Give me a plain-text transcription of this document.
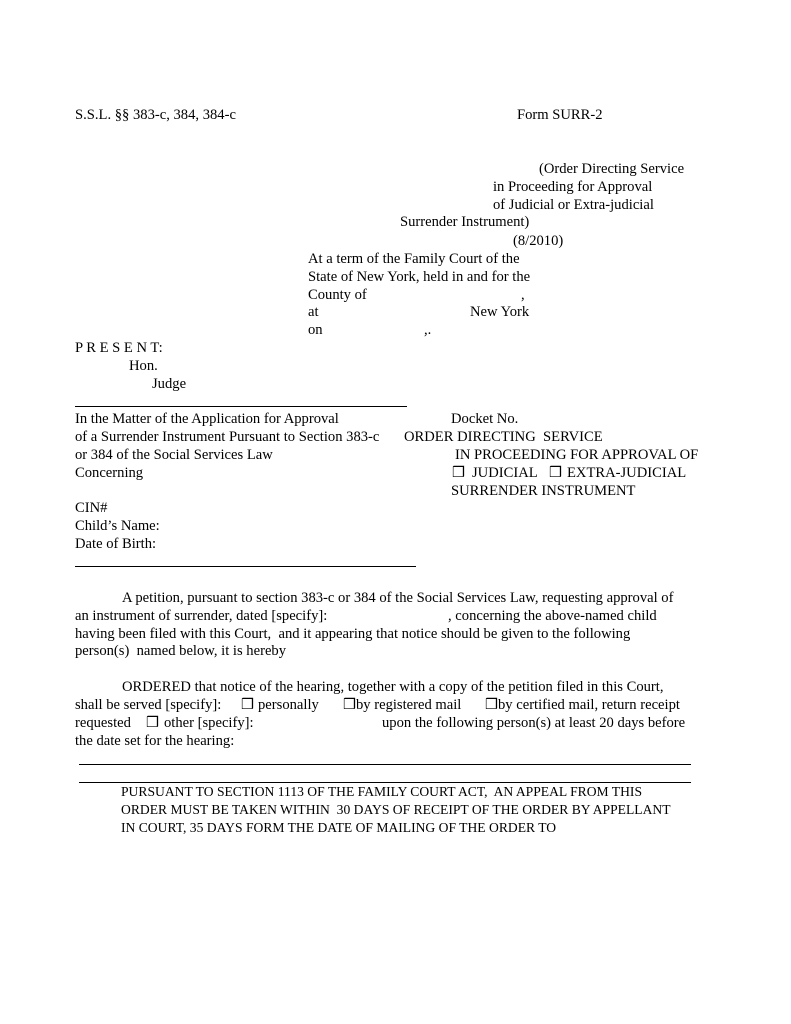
S.S.L. §§ 383-c, 384, 384-c	Form SURR-2
(Order Directing Service
in Proceeding for Approval
of Judicial or Extra-judicial
Surrender Instrument)
(8/2010)
At a term of the Family Court of the
State of New York, held in and for the
County of	,
at	New York
on	,.
P R E S E N T:
Hon.
Judge
In the Matter of the Application for Approval
of a Surrender Instrument Pursuant to Section 383-c
or 384 of the Social Services Law
Concerning
CIN#
Child’s Name:
Date of Birth:
Docket No.
ORDER DIRECTING  SERVICE
IN PROCEEDING FOR APPROVAL OF
❒ JUDICIAL ❒ EXTRA-JUDICIAL
SURRENDER INSTRUMENT
A petition, pursuant to section 383-c or 384 of the Social Services Law, requesting approval of
an instrument of surrender, dated [specify]:	, concerning the above-named child
having been filed with this Court,  and it appearing that notice should be given to the following
person(s)  named below, it is hereby
ORDERED that notice of the hearing, together with a copy of the petition filed in this Court,
shall be served [specify]: ❒ personally ❒ by registered mail ❒ by certified mail, return receipt
requested ❒ other [specify]:	upon the following person(s) at least 20 days before
the date set for the hearing:
PURSUANT TO SECTION 1113 OF THE FAMILY COURT ACT,  AN APPEAL FROM THIS
ORDER MUST BE TAKEN WITHIN  30 DAYS OF RECEIPT OF THE ORDER BY APPELLANT
IN COURT, 35 DAYS FORM THE DATE OF MAILING OF THE ORDER TO
